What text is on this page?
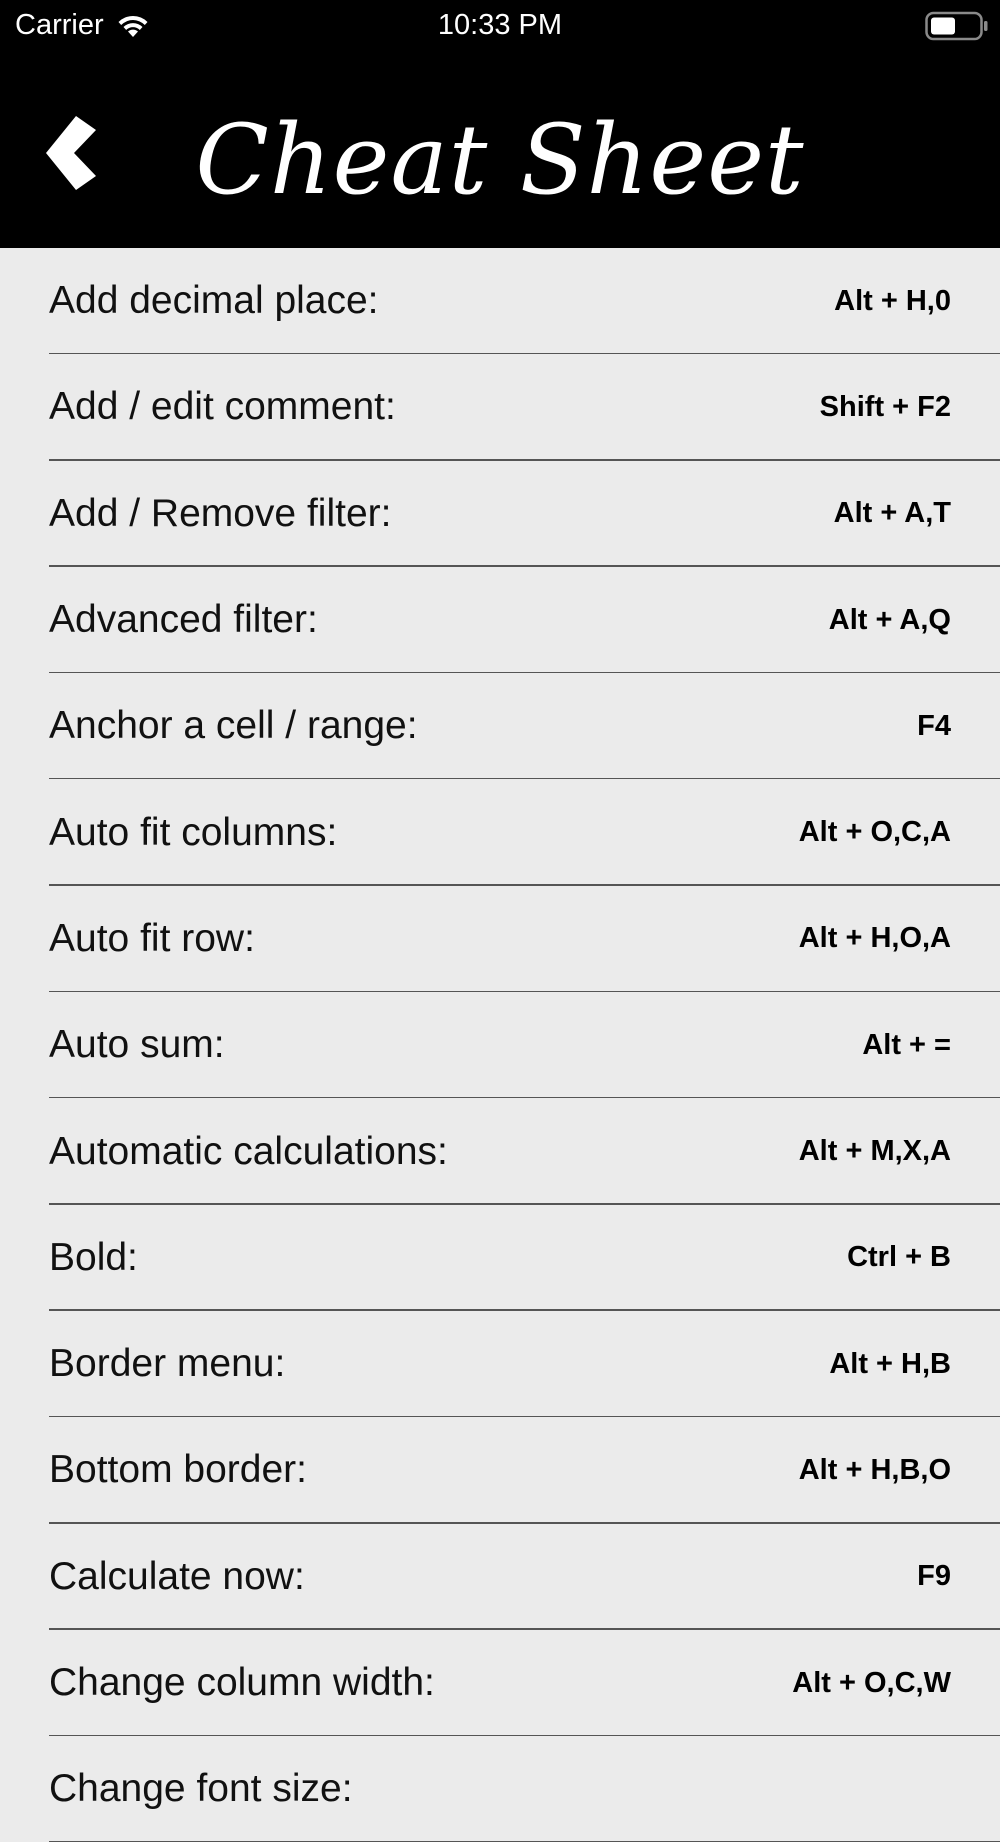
Carrier	10:33 PM
Cheat Sheet
Add decimal place:	Alt + H,0
Add / edit comment:	Shift + F2
Add / Remove filter:	Alt + A,T
Advanced filter:	Alt + A,Q
Anchor a cell / range:	F4
Auto fit columns:	Alt + O,C,A
Auto fit row:	Alt + H,O,A
Auto sum:	Alt + =
Automatic calculations:	Alt + M,X,A
Bold:	Ctrl + B
Border menu:	Alt + H,B
Bottom border:	Alt + H,B,O
Calculate now:	F9
Change column width:	Alt + O,C,W
Change font size:
